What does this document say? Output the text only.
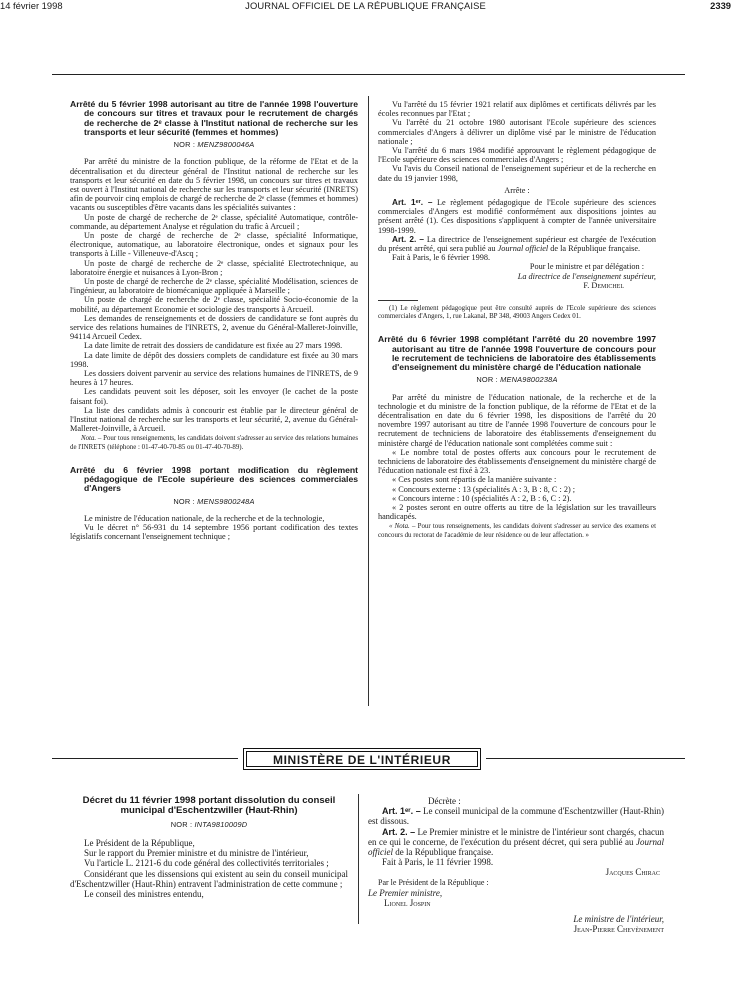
14 février 1998	JOURNAL OFFICIEL DE LA RÉPUBLIQUE FRANÇAISE	2339

Arrêté du 5 février 1998 autorisant au titre de l'année 1998 l'ouverture de concours sur titres et travaux pour le recrutement de chargés de recherche de 2ᵉ classe à l'Institut national de recherche sur les transports et leur sécurité (femmes et hommes)

NOR : MENZ9800046A

Par arrêté du ministre de la fonction publique, de la réforme de l'Etat et de la décentralisation et du directeur général de l'Institut national de recherche sur les transports et leur sécurité en date du 5 février 1998, un concours sur titres et travaux est ouvert à l'Institut national de recherche sur les transports et leur sécurité (INRETS) afin de pourvoir cinq emplois de chargé de recherche de 2ᵉ classe (femmes et hommes) vacants ou susceptibles d'être vacants dans les spécialités suivantes :

Un poste de chargé de recherche de 2ᵉ classe, spécialité Automatique, contrôle-commande, au département Analyse et régulation du trafic à Arcueil ;

Un poste de chargé de recherche de 2ᵉ classe, spécialité Informatique, électronique, automatique, au laboratoire électronique, ondes et signaux pour les transports à Lille - Villeneuve-d'Ascq ;

Un poste de chargé de recherche de 2ᵉ classe, spécialité Electrotechnique, au laboratoire énergie et nuisances à Lyon-Bron ;

Un poste de chargé de recherche de 2ᵉ classe, spécialité Modélisation, sciences de l'ingénieur, au laboratoire de biomécanique appliquée à Marseille ;

Un poste de chargé de recherche de 2ᵉ classe, spécialité Socio-économie de la mobilité, au département Economie et sociologie des transports à Arcueil.

Les demandes de renseignements et de dossiers de candidature se font auprès du service des relations humaines de l'INRETS, 2, avenue du Général-Malleret-Joinville, 94114 Arcueil Cedex.

La date limite de retrait des dossiers de candidature est fixée au 27 mars 1998.

La date limite de dépôt des dossiers complets de candidature est fixée au 30 mars 1998.

Les dossiers doivent parvenir au service des relations humaines de l'INRETS, de 9 heures à 17 heures.

Les candidats peuvent soit les déposer, soit les envoyer (le cachet de la poste faisant foi).

La liste des candidats admis à concourir est établie par le directeur général de l'Institut national de recherche sur les transports et leur sécurité, 2, avenue du Général-Malleret-Joinville, à Arcueil.

Nota. – Pour tous renseignements, les candidats doivent s'adresser au service des relations humaines de l'INRETS (téléphone : 01-47-40-70-85 ou 01-47-40-70-89).

Arrêté du 6 février 1998 portant modification du règlement pédagogique de l'Ecole supérieure des sciences commerciales d'Angers

NOR : MENS9800248A

Le ministre de l'éducation nationale, de la recherche et de la technologie,

Vu le décret n° 56-931 du 14 septembre 1956 portant codification des textes législatifs concernant l'enseignement technique ;

Vu l'arrêté du 15 février 1921 relatif aux diplômes et certificats délivrés par les écoles reconnues par l'Etat ;

Vu l'arrêté du 21 octobre 1980 autorisant l'Ecole supérieure des sciences commerciales d'Angers à délivrer un diplôme visé par le ministre de l'éducation nationale ;

Vu l'arrêté du 6 mars 1984 modifié approuvant le règlement pédagogique de l'Ecole supérieure des sciences commerciales d'Angers ;

Vu l'avis du Conseil national de l'enseignement supérieur et de la recherche en date du 19 janvier 1998,

Arrête :

Art. 1ᵉʳ. – Le règlement pédagogique de l'Ecole supérieure des sciences commerciales d'Angers est modifié conformément aux dispositions jointes au présent arrêté (1). Ces dispositions s'appliquent à compter de l'année universitaire 1998-1999.

Art. 2. – La directrice de l'enseignement supérieur est chargée de l'exécution du présent arrêté, qui sera publié au Journal officiel de la République française.

Fait à Paris, le 6 février 1998.

Pour le ministre et par délégation :

La directrice de l'enseignement supérieur,

F. Demichel

(1) Le règlement pédagogique peut être consulté auprès de l'Ecole supérieure des sciences commerciales d'Angers, 1, rue Lakanal, BP 348, 49003 Angers Cedex 01.

Arrêté du 6 février 1998 complétant l'arrêté du 20 novembre 1997 autorisant au titre de l'année 1998 l'ouverture de concours pour le recrutement de techniciens de laboratoire des établissements d'enseignement du ministère chargé de l'éducation nationale

NOR : MENA9800238A

Par arrêté du ministre de l'éducation nationale, de la recherche et de la technologie et du ministre de la fonction publique, de la réforme de l'Etat et de la décentralisation en date du 6 février 1998, les dispositions de l'arrêté du 20 novembre 1997 autorisant au titre de l'année 1998 l'ouverture de concours pour le recrutement de techniciens de laboratoire des établissements d'enseignement du ministère chargé de l'éducation nationale sont complétées comme suit :

« Le nombre total de postes offerts aux concours pour le recrutement de techniciens de laboratoire des établissements d'enseignement du ministère chargé de l'éducation nationale est fixé à 23.

« Ces postes sont répartis de la manière suivante :

« Concours externe : 13 (spécialités A : 3, B : 8, C : 2) ;

« Concours interne : 10 (spécialités A : 2, B : 6, C : 2).

« 2 postes seront en outre offerts au titre de la législation sur les travailleurs handicapés.

« Nota. – Pour tous renseignements, les candidats doivent s'adresser au service des examens et concours du rectorat de l'académie de leur résidence ou de leur affectation. »

MINISTÈRE DE L'INTÉRIEUR

Décret du 11 février 1998 portant dissolution du conseil municipal d'Eschentzwiller (Haut-Rhin)

NOR : INTA9810009D

Le Président de la République,

Sur le rapport du Premier ministre et du ministre de l'intérieur,

Vu l'article L. 2121-6 du code général des collectivités territoriales ;

Considérant que les dissensions qui existent au sein du conseil municipal d'Eschentzwiller (Haut-Rhin) entravent l'administration de cette commune ;

Le conseil des ministres entendu,

Décrète :

Art. 1ᵉʳ. – Le conseil municipal de la commune d'Eschentzwiller (Haut-Rhin) est dissous.

Art. 2. – Le Premier ministre et le ministre de l'intérieur sont chargés, chacun en ce qui le concerne, de l'exécution du présent décret, qui sera publié au Journal officiel de la République française.

Fait à Paris, le 11 février 1998.

Jacques Chirac

Par le Président de la République :

Le Premier ministre,

Lionel Jospin

Le ministre de l'intérieur,

Jean-Pierre Chevènement
